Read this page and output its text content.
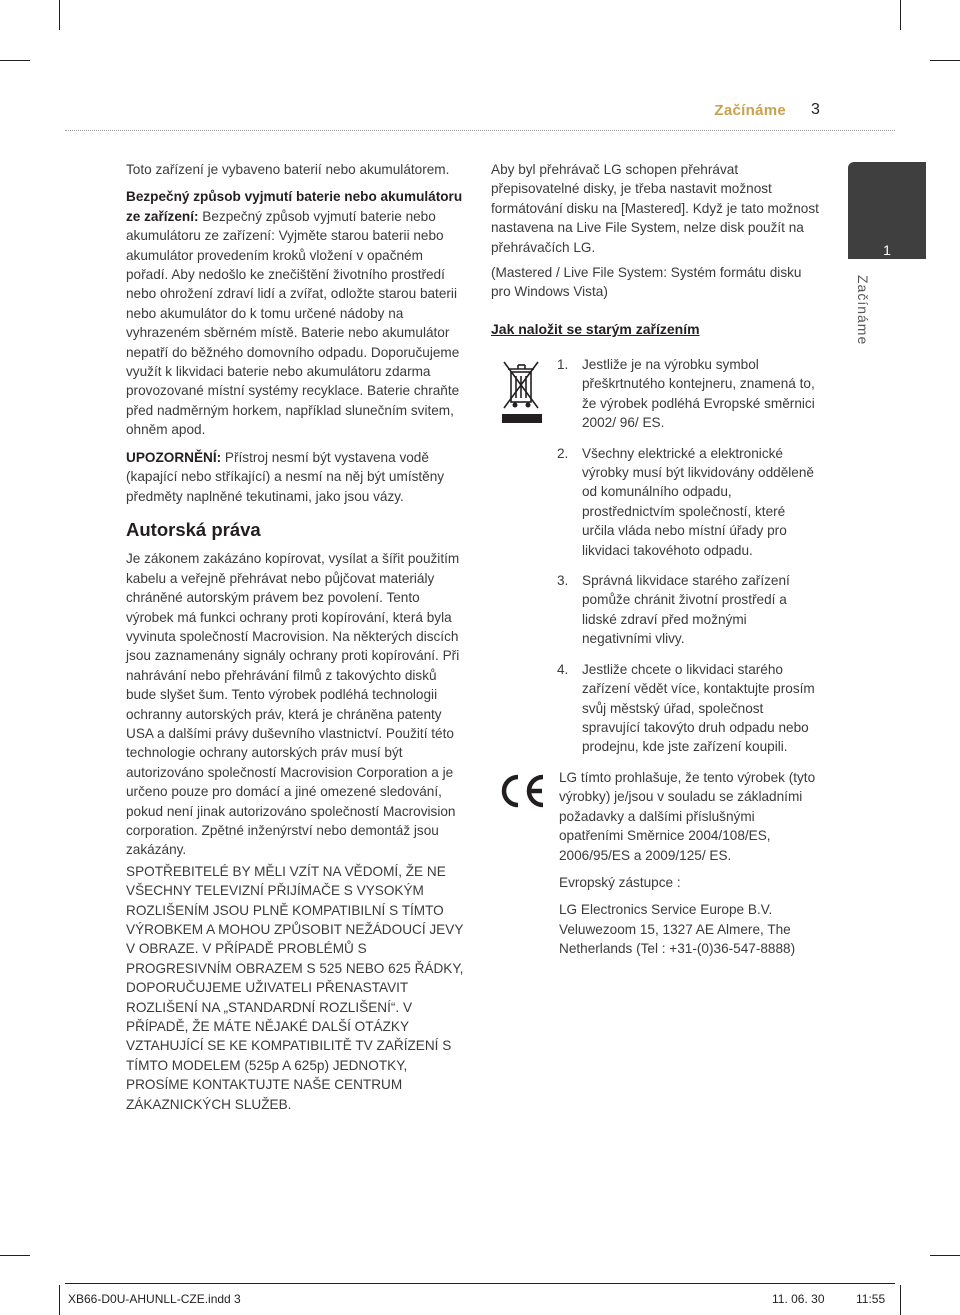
Začínáme 3

Toto zařízení je vybaveno baterií nebo akumulátorem.

Bezpečný způsob vyjmutí baterie nebo akumulátoru ze zařízení: Bezpečný způsob vyjmutí baterie nebo akumulátoru ze zařízení: Vyjměte starou baterii nebo akumulátor provedením kroků vložení v opačném pořadí. Aby nedošlo ke znečištění životního prostředí nebo ohrožení zdraví lidí a zvířat, odložte starou baterii nebo akumulátor do k tomu určené nádoby na vyhrazeném sběrném místě. Baterie nebo akumulátor nepatří do běžného domovního odpadu. Doporučujeme využít k likvidaci baterie nebo akumulátoru zdarma provozované místní systémy recyklace. Baterie chraňte před nadměrným horkem, například slunečním svitem, ohněm apod.

UPOZORNĚNÍ: Přístroj nesmí být vystavena vodě (kapající nebo stříkající) a nesmí na něj být umístěny předměty naplněné tekutinami, jako jsou vázy.

Autorská práva

Je zákonem zakázáno kopírovat, vysílat a šířit použitím kabelu a veřejně přehrávat nebo půjčovat materiály chráněné autorským právem bez povolení. Tento výrobek má funkci ochrany proti kopírování, která byla vyvinuta společností Macrovision. Na některých discích jsou zaznamenány signály ochrany proti kopírování. Při nahrávání nebo přehrávání filmů z takovýchto disků bude slyšet šum. Tento výrobek podléhá technologii ochranny autorských práv, která je chráněna patenty USA a dalšími právy duševního vlastnictví. Použití této technologie ochrany autorských práv musí být autorizováno společností Macrovision Corporation a je určeno pouze pro domácí a jiné omezené sledování, pokud není jinak autorizováno společností Macrovision corporation. Zpětné inženýrství nebo demontáž jsou zakázány.

SPOTŘEBITELÉ BY MĚLI VZÍT NA VĚDOMÍ, ŽE NE VŠECHNY TELEVIZNÍ PŘIJÍMAČE S VYSOKÝM ROZLIŠENÍM JSOU PLNĚ KOMPATIBILNÍ S TÍMTO VÝROBKEM A MOHOU ZPŮSOBIT NEŽÁDOUCÍ JEVY V OBRAZE. V PŘÍPADĚ PROBLÉMŮ S PROGRESIVNÍM OBRAZEM S 525 NEBO 625 ŘÁDKY, DOPORUČUJEME UŽIVATELI PŘENASTAVIT ROZLIŠENÍ NA „STANDARDNÍ ROZLIŠENÍ“. V PŘÍPADĚ, ŽE MÁTE NĚJAKÉ DALŠÍ OTÁZKY VZTAHUJÍCÍ SE KE KOMPATIBILITĚ TV ZAŘÍZENÍ S TÍMTO MODELEM (525p A 625p) JEDNOTKY, PROSÍME KONTAKTUJTE NAŠE CENTRUM ZÁKAZNICKÝCH SLUŽEB.

Aby byl přehrávač LG schopen přehrávat přepisovatelné disky, je třeba nastavit možnost formátování disku na [Mastered]. Když je tato možnost nastavena na Live File System, nelze disk použít na přehrávačích LG.

(Mastered / Live File System: Systém formátu disku pro Windows Vista)

Jak naložit se starým zařízením
1. Jestliže je na výrobku symbol přeškrtnutého kontejneru, znamená to, že výrobek podléhá Evropské směrnici 2002/ 96/ ES.
2. Všechny elektrické a elektronické výrobky musí být likvidovány odděleně od komunálního odpadu, prostřednictvím společností, které určila vláda nebo místní úřady pro likvidaci takovéhoto odpadu.
3. Správná likvidace starého zařízení pomůže chránit životní prostředí a lidské zdraví před možnými negativními vlivy.
4. Jestliže chcete o likvidaci starého zařízení vědět více, kontaktujte prosím svůj městský úřad, společnost spravující takovýto druh odpadu nebo prodejnu, kde jste zařízení koupili.

LG tímto prohlašuje, že tento výrobek (tyto výrobky) je/jsou v souladu se základními požadavky a dalšími příslušnými opatřeními Směrnice 2004/108/ES, 2006/95/ES a 2009/125/ ES.

Evropský zástupce :

LG Electronics Service Europe B.V. Veluwezoom 15, 1327 AE Almere, The Netherlands (Tel : +31-(0)36-547-8888)

1
Začínáme
XB66-D0U-AHUNLL-CZE.indd 3	11. 06. 30	11:55
